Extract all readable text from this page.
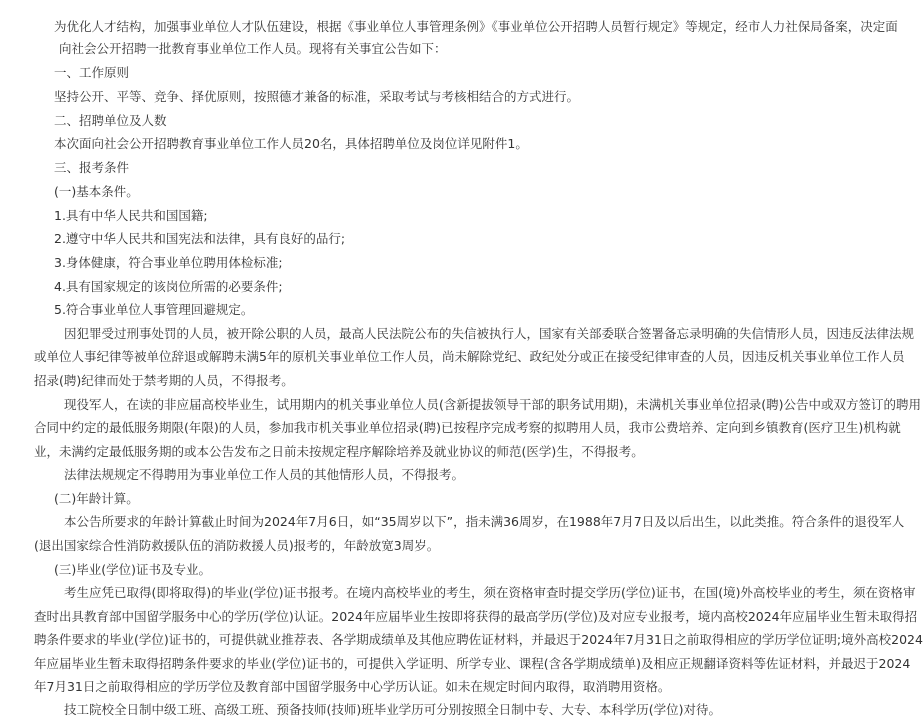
为优化人才结构，加强事业单位人才队伍建设，根据《事业单位人事管理条例》《事业单位公开招聘人员暂行规定》等规定，经市人力社保局备案，决定面
向社会公开招聘一批教育事业单位工作人员。现将有关事宜公告如下：
一、工作原则
坚持公开、平等、竞争、择优原则，按照德才兼备的标准，采取考试与考核相结合的方式进行。
二、招聘单位及人数
本次面向社会公开招聘教育事业单位工作人员20名，具体招聘单位及岗位详见附件1。
三、报考条件
(一)基本条件。
1.具有中华人民共和国国籍;
2.遵守中华人民共和国宪法和法律，具有良好的品行;
3.身体健康，符合事业单位聘用体检标准;
4.具有国家规定的该岗位所需的必要条件;
5.符合事业单位人事管理回避规定。
因犯罪受过刑事处罚的人员，被开除公职的人员，最高人民法院公布的失信被执行人，国家有关部委联合签署备忘录明确的失信情形人员，因违反法律法规
或单位人事纪律等被单位辞退或解聘未满5年的原机关事业单位工作人员，尚未解除党纪、政纪处分或正在接受纪律审查的人员，因违反机关事业单位工作人员
招录(聘)纪律而处于禁考期的人员，不得报考。
现役军人，在读的非应届高校毕业生，试用期内的机关事业单位人员(含新提拔领导干部的职务试用期)，未满机关事业单位招录(聘)公告中或双方签订的聘用
合同中约定的最低服务期限(年限)的人员，参加我市机关事业单位招录(聘)已按程序完成考察的拟聘用人员，我市公费培养、定向到乡镇教育(医疗卫生)机构就
业，未满约定最低服务期的或本公告发布之日前未按规定程序解除培养及就业协议的师范(医学)生，不得报考。
法律法规规定不得聘用为事业单位工作人员的其他情形人员，不得报考。
(二)年龄计算。
本公告所要求的年龄计算截止时间为2024年7月6日，如“35周岁以下”，指未满36周岁，在1988年7月7日及以后出生，以此类推。符合条件的退役军人
(退出国家综合性消防救援队伍的消防救援人员)报考的，年龄放宽3周岁。
(三)毕业(学位)证书及专业。
考生应凭已取得(即将取得)的毕业(学位)证书报考。在境内高校毕业的考生，须在资格审查时提交学历(学位)证书，在国(境)外高校毕业的考生，须在资格审
查时出具教育部中国留学服务中心的学历(学位)认证。2024年应届毕业生按即将获得的最高学历(学位)及对应专业报考，境内高校2024年应届毕业生暂未取得招
聘条件要求的毕业(学位)证书的，可提供就业推荐表、各学期成绩单及其他应聘佐证材料，并最迟于2024年7月31日之前取得相应的学历学位证明;境外高校2024
年应届毕业生暂未取得招聘条件要求的毕业(学位)证书的，可提供入学证明、所学专业、课程(含各学期成绩单)及相应正规翻译资料等佐证材料，并最迟于2024
年7月31日之前取得相应的学历学位及教育部中国留学服务中心学历认证。如未在规定时间内取得，取消聘用资格。
技工院校全日制中级工班、高级工班、预备技师(技师)班毕业学历可分别按照全日制中专、大专、本科学历(学位)对待。
